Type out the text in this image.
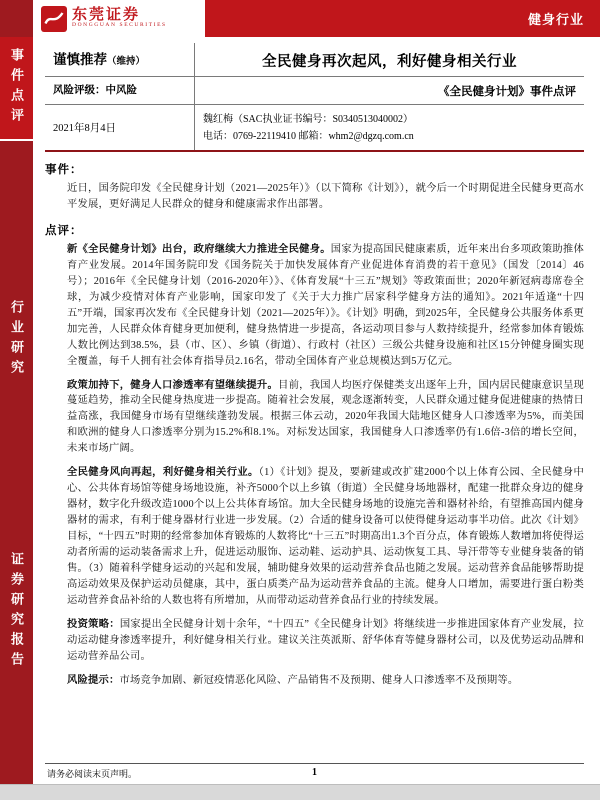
事件点评
行业研究
证券研究报告
东莞证券
DONGGUAN SECURITIES	健身行业
谨慎推荐（维持）	全民健身再次起风，利好健身相关行业
风险评级：中风险	《全民健身计划》事件点评
2021年8月4日
魏红梅（SAC执业证书编号：S0340513040002）
电话：0769-22119410 邮箱：whm2@dgzq.com.cn
事件：

近日，国务院印发《全民健身计划（2021—2025年）》（以下简称《计划》），就今后一个时期促进全民健身更高水平发展，更好满足人民群众的健身和健康需求作出部署。

点评：

新《全民健身计划》出台，政府继续大力推进全民健身。国家为提高国民健康素质，近年来出台多项政策助推体育产业发展。2014年国务院印发《国务院关于加快发展体育产业促进体育消费的若干意见》（国发〔2014〕46号）；2016年《全民健身计划（2016-2020年）》、《体育发展“十三五”规划》等政策面世；2020年新冠病毒席卷全球，为减少疫情对体育产业影响，国家印发了《关于大力推广居家科学健身方法的通知》。2021年适逢“十四五”开端，国家再次发布《全民健身计划（2021—2025年）》。《计划》明确，到2025年，全民健身公共服务体系更加完善，人民群众体育健身更加便利，健身热情进一步提高，各运动项目参与人数持续提升，经常参加体育锻炼人数比例达到38.5%，县（市、区）、乡镇（街道）、行政村（社区）三级公共健身设施和社区15分钟健身圈实现全覆盖，每千人拥有社会体育指导员2.16名，带动全国体育产业总规模达到5万亿元。

政策加持下，健身人口渗透率有望继续提升。目前，我国人均医疗保健类支出逐年上升，国内居民健康意识呈现蔓延趋势，推动全民健身热度进一步提高。随着社会发展，观念逐渐转变，人民群众通过健身促进健康的热情日益高涨，我国健身市场有望继续蓬勃发展。根据三体云动，2020年我国大陆地区健身人口渗透率为5%，而美国和欧洲的健身人口渗透率分别为15.2%和8.1%。对标发达国家，我国健身人口渗透率仍有1.6倍-3倍的增长空间，未来市场广阔。

全民健身风向再起，利好健身相关行业。（1）《计划》提及，要新建或改扩建2000个以上体育公园、全民健身中心、公共体育场馆等健身场地设施，补齐5000个以上乡镇（街道）全民健身场地器材，配建一批群众身边的健身器材，数字化升级改造1000个以上公共体育场馆。加大全民健身场地的设施完善和器材补给，有望推高国内健身器材的需求，有利于健身器材行业进一步发展。（2）合适的健身设备可以使得健身运动事半功倍。此次《计划》目标，“十四五”时期的经常参加体育锻炼的人数将比“十三五”时期高出1.3个百分点，体育锻炼人数增加将使得运动者所需的运动装备需求上升，促进运动服饰、运动鞋、运动护具、运动恢复工具、导汗带等专业健身装备的销售。（3）随着科学健身运动的兴起和发展，辅助健身效果的运动营养食品也随之发展。运动营养食品能够帮助提高运动效果及保护运动员健康，其中，蛋白质类产品为运动营养食品的主流。健身人口增加，需要进行蛋白粉类运动营养食品补给的人数也将有所增加，从而带动运动营养食品行业的持续发展。

投资策略：国家提出全民健身计划十余年，“十四五”《全民健身计划》将继续进一步推进国家体育产业发展，拉动运动健身渗透率提升，利好健身相关行业。建议关注英派斯、舒华体育等健身器材公司，以及优势运动品牌和运动营养品公司。

风险提示：市场竞争加剧、新冠疫情恶化风险、产品销售不及预期、健身人口渗透率不及预期等。

请务必阅读末页声明。	1
